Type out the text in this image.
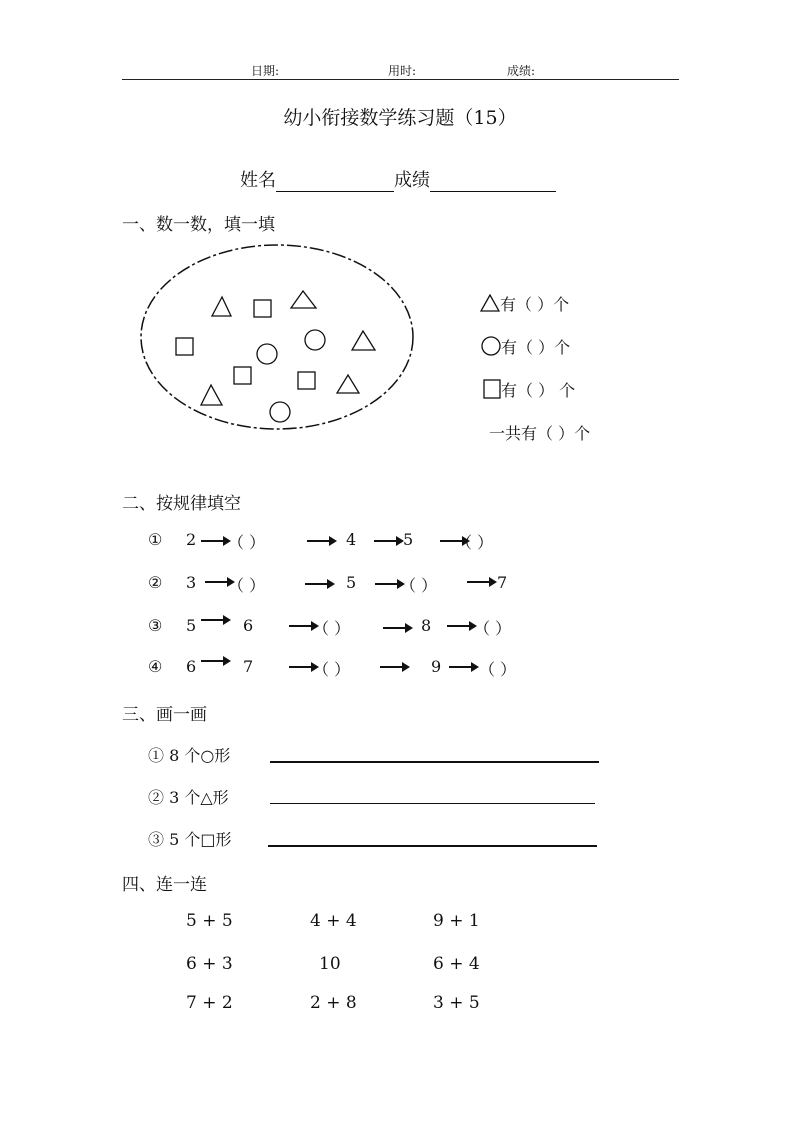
日期:	用时:	成绩:
幼小衔接数学练习题（15）
姓名	成绩
一、数一数，填一填
有（ ）个
有（ ）个
有（ ） 个
一共有（ ）个
二、按规律填空
① 2 （ ）	4	5	（ ）
② 3 （ ）	5	（ ）	7
③ 5	6	（ ）	8	（ ）
④ 6	7	（ ）	9 （ ）
三、画一画
① 8 个○形
② 3 个△形
③ 5 个□形
四、连一连
5 + 5	4 + 4	9 + 1
6 + 3	10	6 + 4
7 + 2	2 + 8	3 + 5
